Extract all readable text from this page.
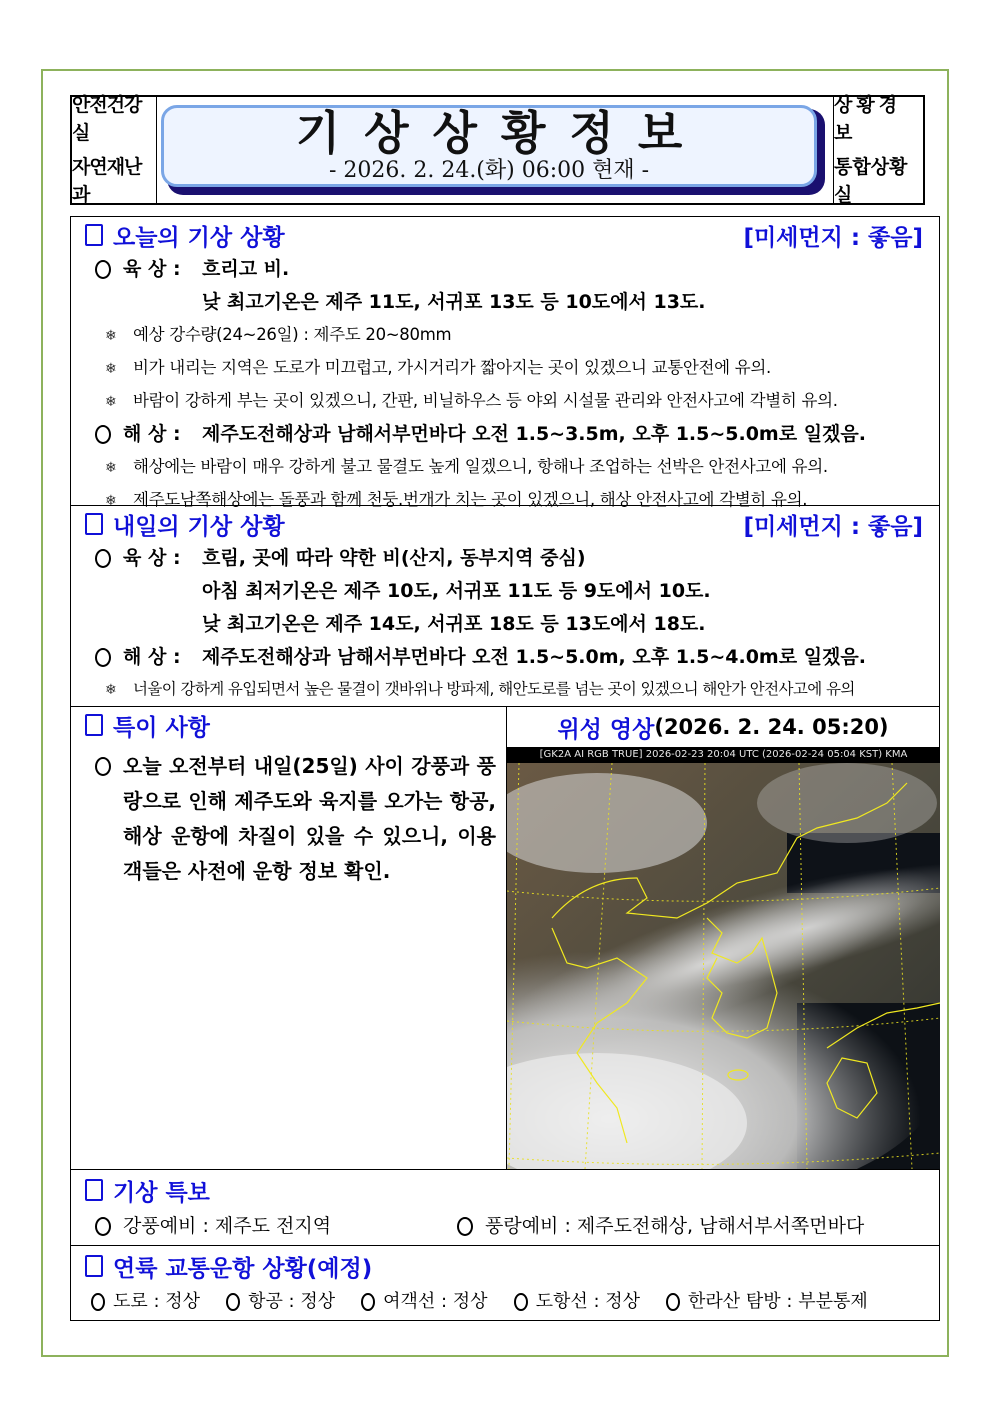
안전건강실
자연재난과
기상상황정보
- 2026. 2. 24.(화) 06:00 현재 -
상황경보
통합상황실
오늘의 기상 상황	[미세먼지 : 좋음]
육 상 :	흐리고 비.
낮 최고기온은 제주 11도, 서귀포 13도 등 10도에서 13도.
❄ 예상 강수량(24~26일) : 제주도 20~80mm
❄ 비가 내리는 지역은 도로가 미끄럽고, 가시거리가 짧아지는 곳이 있겠으니 교통안전에 유의.
❄ 바람이 강하게 부는 곳이 있겠으니, 간판, 비닐하우스 등 야외 시설물 관리와 안전사고에 각별히 유의.
해 상 :	제주도전해상과 남해서부먼바다 오전 1.5~3.5m, 오후 1.5~5.0m로 일겠음.
❄ 해상에는 바람이 매우 강하게 불고 물결도 높게 일겠으니, 항해나 조업하는 선박은 안전사고에 유의.
❄ 제주도남쪽해상에는 돌풍과 함께 천둥.번개가 치는 곳이 있겠으니, 해상 안전사고에 각별히 유의.
내일의 기상 상황	[미세먼지 : 좋음]
육 상 :	흐림, 곳에 따라 약한 비(산지, 동부지역 중심)
아침 최저기온은 제주 10도, 서귀포 11도 등 9도에서 10도.
낮 최고기온은 제주 14도, 서귀포 18도 등 13도에서 18도.
해 상 :	제주도전해상과 남해서부먼바다 오전 1.5~5.0m, 오후 1.5~4.0m로 일겠음.
❄ 너울이 강하게 유입되면서 높은 물결이 갯바위나 방파제, 해안도로를 넘는 곳이 있겠으니 해안가 안전사고에 유의
특이 사항
오늘 오전부터 내일(25일) 사이 강풍과 풍랑으로 인해 제주도와 육지를 오가는 항공, 해상 운항에 차질이 있을 수 있으니, 이용객들은 사전에 운항 정보 확인.
위성 영상 (2026. 2. 24. 05:20)
[GK2A AI RGB TRUE] 2026-02-23 20:04 UTC (2026-02-24 05:04 KST) KMA
기상 특보
강풍예비 : 제주도 전지역	풍랑예비 : 제주도전해상, 남해서부서쪽먼바다
연륙 교통운항 상황(예정)
도로 : 정상	항공 : 정상	여객선 : 정상	도항선 : 정상	한라산 탐방 : 부분통제
